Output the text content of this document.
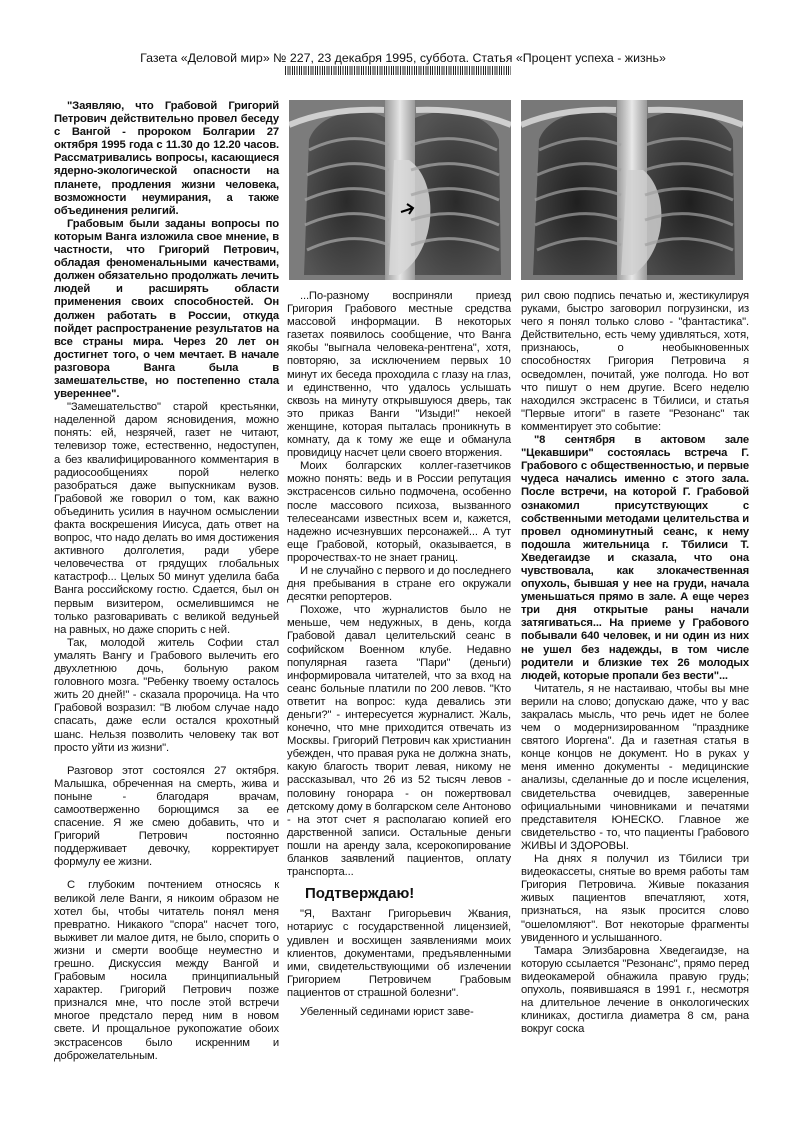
Газета «Деловой мир» № 227, 23 декабря 1995, суббота. Статья «Процент успеха - жизнь»

"Заявляю, что Грабовой Григорий Петрович действительно провел беседу с Вангой - пророком Болгарии 27 октября 1995 года с 11.30 до 12.20 часов. Рассматривались вопросы, касающиеся ядерно-экологической опасности на планете, продления жизни человека, возможности неумирания, а также объединения религий.

Грабовым были заданы вопросы по которым Ванга изложила свое мнение, в частности, что Григорий Петрович, обладая феноменальными качествами, должен обязательно продолжать лечить людей и расширять области применения своих способностей. Он должен работать в России, откуда пойдет распространение результатов на все страны мира. Через 20 лет он достигнет того, о чем мечтает. В начале разговора Ванга была в замешательстве, но постепенно стала увереннее".

"Замешательство" старой крестьянки, наделенной даром ясновидения, можно понять: ей, незрячей, газет не читают, телевизор тоже, естественно, недоступен, а без квалифицированного комментария в радиосообщениях порой нелегко разобраться даже выпускникам вузов. Грабовой же говорил о том, как важно объединить усилия в научном осмыслении факта воскрешения Иисуса, дать ответ на вопрос, что надо делать во имя достижения активного долголетия, ради уберe человечества от грядущих глобальных катастроф... Целых 50 минут уделила баба Ванга российскому гостю. Сдается, был он первым визитером, осмелившимся не только разговаривать с великой ведуньей на равных, но даже спорить с ней.

Так, молодой житель Софии стал умалять Вангу и Грабового вылечить его двухлетнюю дочь, больную раком головного мозга. "Ребенку твоему осталось жить 20 дней!" - сказала пророчица. На что Грабовой возразил: "В любом случае надо спасать, даже если остался крохотный шанс. Нельзя позволить человеку так вот просто уйти из жизни".

Разговор этот состоялся 27 октября. Малышка, обреченная на смерть, жива и поныне - благодаря врачам, самоотверженно борющимся за ее спасение. Я же смею добавить, что и Григорий Петрович постоянно поддерживает девочку, корректирует формулу ее жизни.

С глубоким почтением относясь к великой леле Ванги, я никоим образом не хотел бы, чтобы читатель понял меня превратно. Никакого "спора" насчет того, выживет ли малое дитя, не было, спорить о жизни и смерти вообще неуместно и грешно. Дискуссия между Вангой и Грабовым носила принципиальный характер. Григорий Петрович позже признался мне, что после этой встречи многое предстало перед ним в новом свете. И прощальное рукопожатие обоих экстрасенсов было искренним и доброжелательным.

...По-разному восприняли приезд Григория Грабового местные средства массовой информации. В некоторых газетах появилось сообщение, что Ванга якобы "выгнала человека-рентгена", хотя, повторяю, за исключением первых 10 минут их беседа проходила с глазу на глаз, и единственно, что удалось услышать сквозь на минуту открывшуюся дверь, так это приказ Ванги "Изыди!" некоей женщине, которая пыталась проникнуть в комнату, да к тому же еще и обманула провидицу насчет цели своего вторжения.

Моих болгарских коллег-газетчиков можно понять: ведь и в России репутация экстрасенсов сильно подмочена, особенно после массового психоза, вызванного телесеансами известных всем и, кажется, надежно исчезнувших персонажей... А тут еще Грабовой, который, оказывается, в пророчествах-то не знает границ.

И не случайно с первого и до последнего дня пребывания в стране его окружали десятки репортеров.

Похоже, что журналистов было не меньше, чем недужных, в день, когда Грабовой давал целительский сеанс в софийском Военном клубе. Недавно популярная газета "Пари" (деньги) информировала читателей, что за вход на сеанс больные платили по 200 левов. "Кто ответит на вопрос: куда девались эти деньги?" - интересуется журналист. Жаль, конечно, что мне приходится отвечать из Москвы. Григорий Петрович как христианин убежден, что правая рука не должна знать, какую благость творит левая, никому не рассказывал, что 26 из 52 тысяч левов - половину гонорара - он пожертвовал детскому дому в болгарском селе Антоново - на этот счет я располагаю копией его дарственной записи. Остальные деньги пошли на аренду зала, ксерокопирование бланков заявлений пациентов, оплату транспорта...

Подтверждаю!

"Я, Вахтанг Григорьевич Жвания, нотариус с государственной лицензией, удивлен и восхищен заявлениями моих клиентов, документами, предъявленными ими, свидетельствующими об излечении Григорием Петровичем Грабовым пациентов от страшной болезни".

Убеленный сединами юрист заве-

рил свою подпись печатью и, жестикулируя руками, быстро заговорил погрузински, из чего я понял только слово - "фантастика". Действительно, есть чему удивляться, хотя, признаюсь, о необыкновенных способностях Григория Петровича я осведомлен, почитай, уже полгода. Но вот что пишут о нем другие. Всего неделю находился экстрасенс в Тбилиси, и статья "Первые итоги" в газете "Резонанс" так комментирует это событие:

"8 сентября в актовом зале "Цекавшири" состоялась встреча Г. Грабового с общественностью, и первые чудеса начались именно с этого зала. После встречи, на которой Г. Грабовой ознакомил присутствующих с собственными методами целительства и провел одноминутный сеанс, к нему подошла жительница г. Тбилиси Т. Хведегаидзе и сказала, что она чувствовала, как злокачественная опухоль, бывшая у нее на груди, начала уменьшаться прямо в зале. А еще через три дня открытые раны начали затягиваться... На приеме у Грабового побывали 640 человек, и ни один из них не ушел без надежды, в том числе родители и близкие тех 26 молодых людей, которые пропали без вести"...

Читатель, я не настаиваю, чтобы вы мне верили на слово; допускаю даже, что у вас закралась мысль, что речь идет не более чем о модернизированном "празднике святого Иоргена". Да и газетная статья в конце концов не документ. Но в руках у меня именно документы - медицинские анализы, сделанные до и после исцеления, свидетельства очевидцев, заверенные официальными чиновниками и печатями представителя ЮНЕСКО. Главное же свидетельство - то, что пациенты Грабового ЖИВЫ И ЗДОРОВЫ.

На днях я получил из Тбилиси три видеокассеты, снятые во время работы там Григория Петровича. Живые показания живых пациентов впечатляют, хотя, признаться, на язык просится слово "ошеломляют". Вот некоторые фрагменты увиденного и услышанного.

Тамара Элизбаровна Хведегаидзе, на которую ссылается "Резонанс", прямо перед видеокамерой обнажила правую грудь; опухоль, появившаяся в 1991 г., несмотря на длительное лечение в онкологических клиниках, достигла диаметра 8 см, рана вокруг соска
